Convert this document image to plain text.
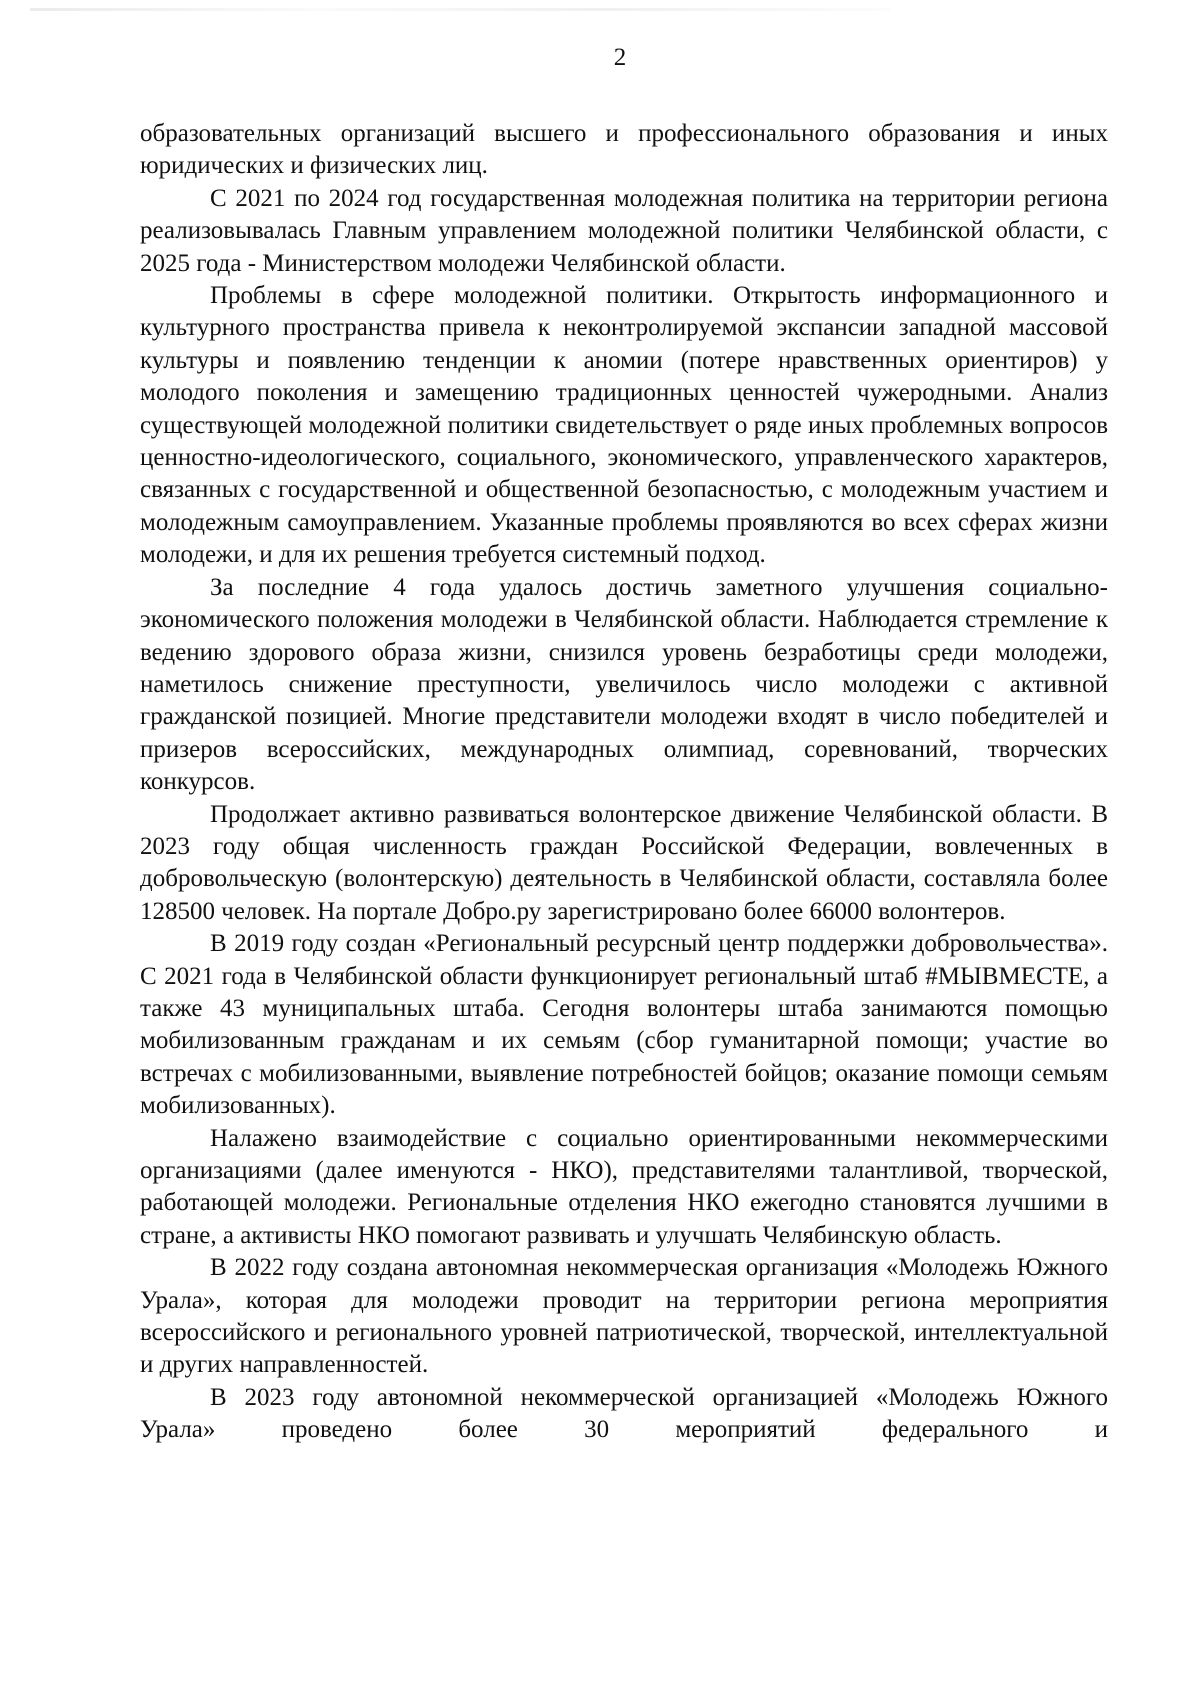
2

образовательных организаций высшего и профессионального образования и иных юридических и физических лиц.

С 2021 по 2024 год государственная молодежная политика на территории региона реализовывалась Главным управлением молодежной политики Челябинской области, с 2025 года - Министерством молодежи Челябинской области.

Проблемы в сфере молодежной политики. Открытость информационного и культурного пространства привела к неконтролируемой экспансии западной массовой культуры и появлению тенденции к аномии (потере нравственных ориентиров) у молодого поколения и замещению традиционных ценностей чужеродными. Анализ существующей молодежной политики свидетельствует о ряде иных проблемных вопросов ценностно-идеологического, социального, экономического, управленческого характеров, связанных с государственной и общественной безопасностью, с молодежным участием и молодежным самоуправлением. Указанные проблемы проявляются во всех сферах жизни молодежи, и для их решения требуется системный подход.

За последние 4 года удалось достичь заметного улучшения социально-экономического положения молодежи в Челябинской области. Наблюдается стремление к ведению здорового образа жизни, снизился уровень безработицы среди молодежи, наметилось снижение преступности, увеличилось число молодежи с активной гражданской позицией. Многие представители молодежи входят в число победителей и призеров всероссийских, международных олимпиад, соревнований, творческих конкурсов.

Продолжает активно развиваться волонтерское движение Челябинской области. В 2023 году общая численность граждан Российской Федерации, вовлеченных в добровольческую (волонтерскую) деятельность в Челябинской области, составляла более 128500 человек. На портале Добро.ру зарегистрировано более 66000 волонтеров.

В 2019 году создан «Региональный ресурсный центр поддержки добровольчества». С 2021 года в Челябинской области функционирует региональный штаб #МЫВМЕСТЕ, а также 43 муниципальных штаба. Сегодня волонтеры штаба занимаются помощью мобилизованным гражданам и их семьям (сбор гуманитарной помощи; участие во встречах с мобилизованными, выявление потребностей бойцов; оказание помощи семьям мобилизованных).

Налажено взаимодействие с социально ориентированными некоммерческими организациями (далее именуются - НКО), представителями талантливой, творческой, работающей молодежи. Региональные отделения НКО ежегодно становятся лучшими в стране, а активисты НКО помогают развивать и улучшать Челябинскую область.

В 2022 году создана автономная некоммерческая организация «Молодежь Южного Урала», которая для молодежи проводит на территории региона мероприятия всероссийского и регионального уровней патриотической, творческой, интеллектуальной и других направленностей.

В 2023 году автономной некоммерческой организацией «Молодежь Южного Урала» проведено более 30 мероприятий федерального и
